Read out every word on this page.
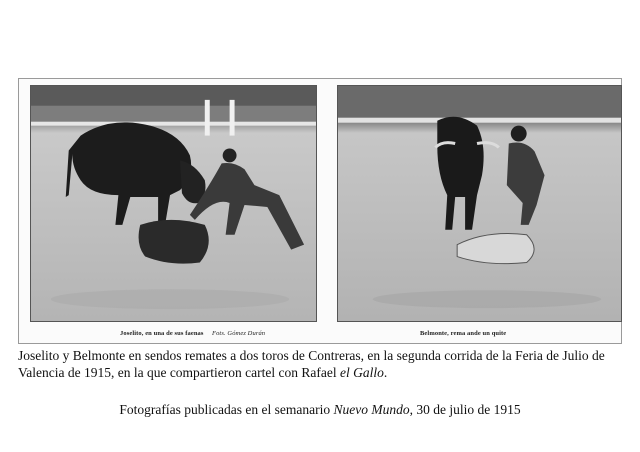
Joselito, en una de sus faenas Fots. Gómez Durán	Belmonte, rema ande un quite
Joselito y Belmonte en sendos remates a dos toros de Contreras, en la segunda corrida de la Feria de Julio de Valencia de 1915, en la que compartieron cartel con Rafael el Gallo.
Fotografías publicadas en el semanario Nuevo Mundo, 30 de julio de 1915
